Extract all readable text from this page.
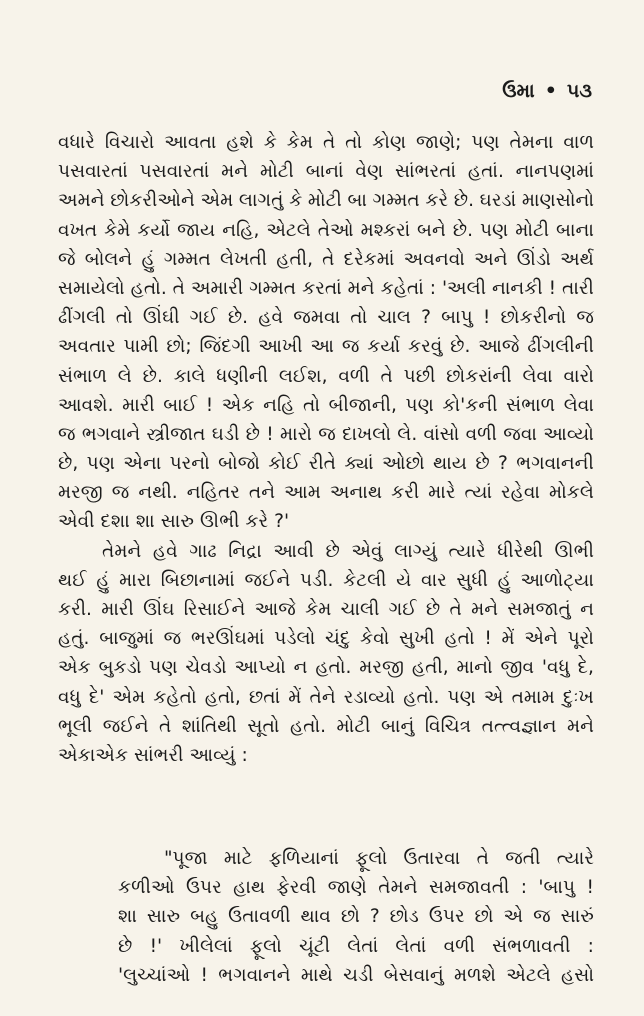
ઉમા • ૫૩
વધારે વિચારો આવતા હશે કે કેમ તે તો કોણ જાણે; પણ તેમના વાળ
પસવારતાં પસવારતાં મને મોટી બાનાં વેણ સાંભરતાં હતાં. નાનપણમાં
અમને છોકરીઓને એમ લાગતું કે મોટી બા ગમ્મત કરે છે. ઘરડાં માણસોનો
વખત કેમે કર્યો જાય નહિ, એટલે તેઓ મશ્કરાં બને છે. પણ મોટી બાના
જે બોલને હું ગમ્મત લેખતી હતી, તે દરેકમાં અવનવો અને ઊંડો અર્થ
સમાયેલો હતો. તે અમારી ગમ્મત કરતાં મને કહેતાં : 'અલી નાનકી ! તારી
ઢીંગલી તો ઊંઘી ગઈ છે. હવે જમવા તો ચાલ ? બાપુ ! છોકરીનો જ
અવતાર પામી છો; જિંદગી આખી આ જ કર્યા કરવું છે. આજે ઢીંગલીની
સંભાળ લે છે. કાલે ધણીની લઈશ, વળી તે પછી છોકરાંની લેવા વારો
આવશે. મારી બાઈ ! એક નહિ તો બીજાની, પણ કો'કની સંભાળ લેવા
જ ભગવાને સ્ત્રીજાત ઘડી છે ! મારો જ દાખલો લે. વાંસો વળી જવા આવ્યો
છે, પણ એના પરનો બોજો કોઈ રીતે ક્યાં ઓછો થાય છે ? ભગવાનની
મરજી જ નથી. નહિતર તને આમ અનાથ કરી મારે ત્યાં રહેવા મોકલે
એવી દશા શા સારુ ઊભી કરે ?'
તેમને હવે ગાઢ નિદ્રા આવી છે એવું લાગ્યું ત્યારે ધીરેથી ઊભી
થઈ હું મારા બિછાનામાં જઈને પડી. કેટલી યે વાર સુધી હું આળોટ્યા
કરી. મારી ઊંઘ રિસાઈને આજે કેમ ચાલી ગઈ છે તે મને સમજાતું ન
હતું. બાજુમાં જ ભરઊંઘમાં પડેલો ચંદુ કેવો સુખી હતો ! મેં એને પૂરો
એક બુકડો પણ ચેવડો આપ્યો ન હતો. મરજી હતી, માનો જીવ 'વધુ દે,
વધુ દે' એમ કહેતો હતો, છતાં મેં તેને રડાવ્યો હતો. પણ એ તમામ દુઃખ
ભૂલી જઈને તે શાંતિથી સૂતો હતો. મોટી બાનું વિચિત્ર તત્ત્વજ્ઞાન મને
એકાએક સાંભરી આવ્યું :
"પૂજા માટે ફળિયાનાં ફૂલો ઉતારવા તે જતી ત્યારે
કળીઓ ઉપર હાથ ફેરવી જાણે તેમને સમજાવતી : 'બાપુ !
શા સારુ બહુ ઉતાવળી થાવ છો ? છોડ ઉપર છો એ જ સારું
છે !' ખીલેલાં ફૂલો ચૂંટી લેતાં લેતાં વળી સંભળાવતી :
'લુચ્ચાંઓ ! ભગવાનને માથે ચડી બેસવાનું મળશે એટલે હસો
